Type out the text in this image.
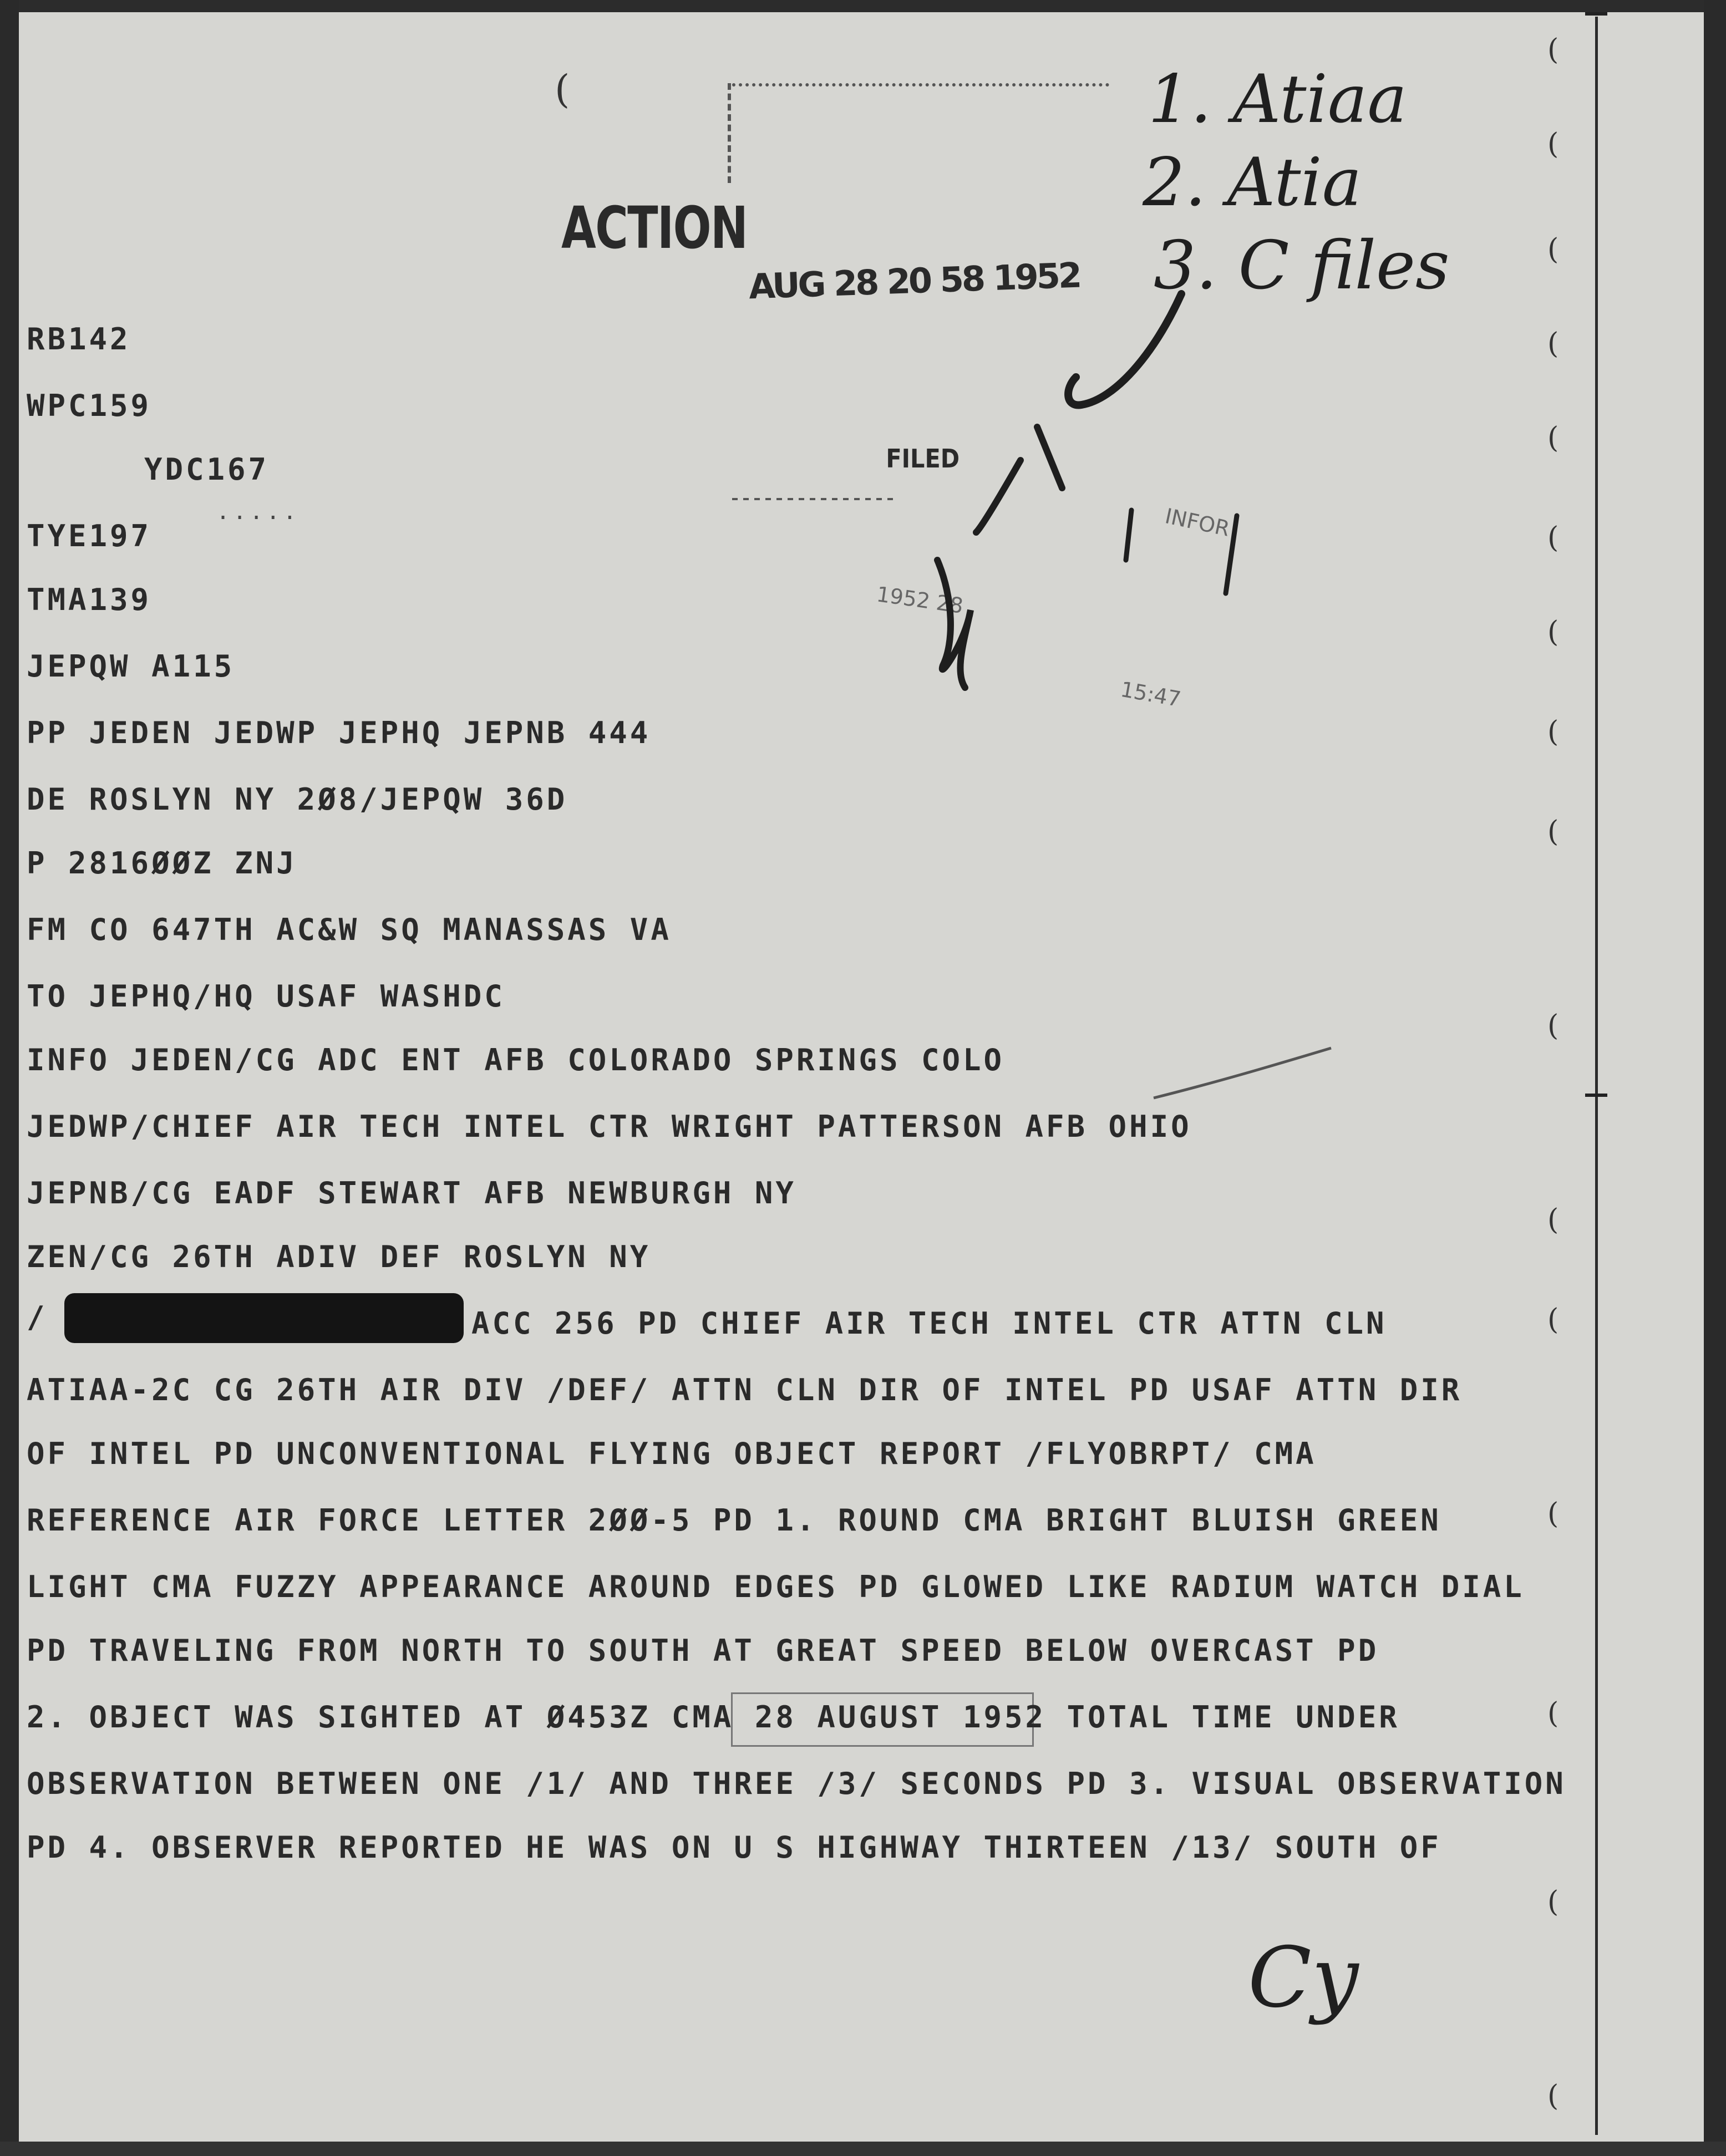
(
(
(
(
(
(
(
(
(
(
(
(
(
(
(
(
(
ACTION
AUG 28 20 58 1952
FILED
INFOR
1952 28
15:47
1. Atiaa
2. Atia
3. C files
Cy
.....
RB142
WPC159
YDC167
TYE197
TMA139
JEPQW A115
PP JEDEN JEDWP JEPHQ JEPNB 444
DE ROSLYN NY 2Ø8/JEPQW 36D
P 2816ØØZ ZNJ
FM CO 647TH AC&W SQ MANASSAS VA
TO JEPHQ/HQ USAF WASHDC
INFO JEDEN/CG ADC ENT AFB COLORADO SPRINGS COLO
JEDWP/CHIEF AIR TECH INTEL CTR WRIGHT PATTERSON AFB OHIO
JEPNB/CG EADF STEWART AFB NEWBURGH NY
ZEN/CG 26TH ADIV DEF ROSLYN NY
/	ACC 256 PD CHIEF AIR TECH INTEL CTR ATTN CLN
ATIAA-2C CG 26TH AIR DIV /DEF/ ATTN CLN DIR OF INTEL PD USAF ATTN DIR
OF INTEL PD UNCONVENTIONAL FLYING OBJECT REPORT /FLYOBRPT/ CMA
REFERENCE AIR FORCE LETTER 2ØØ-5 PD 1. ROUND CMA BRIGHT BLUISH GREEN
LIGHT CMA FUZZY APPEARANCE AROUND EDGES PD GLOWED LIKE RADIUM WATCH DIAL
PD TRAVELING FROM NORTH TO SOUTH AT GREAT SPEED BELOW OVERCAST PD
2. OBJECT WAS SIGHTED AT Ø453Z CMA 28 AUGUST 1952 TOTAL TIME UNDER
OBSERVATION BETWEEN ONE /1/ AND THREE /3/ SECONDS PD 3. VISUAL OBSERVATION
PD 4. OBSERVER REPORTED HE WAS ON U S HIGHWAY THIRTEEN /13/ SOUTH OF
